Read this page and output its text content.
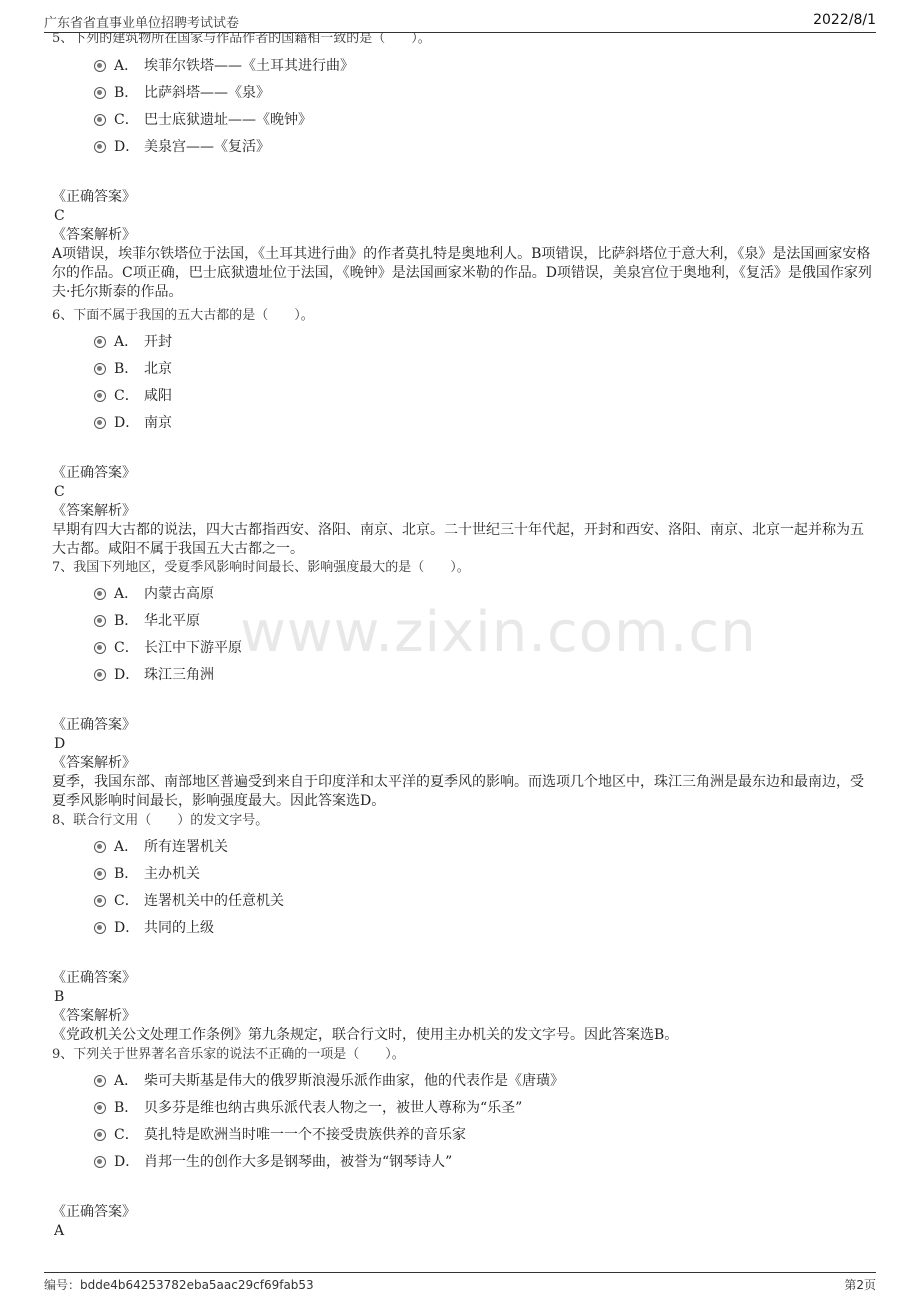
广东省省直事业单位招聘考试试卷	2022/8/1
www.zixin.com.cn
5、下列的建筑物所在国家与作品作者的国籍相一致的是（　　）。
A． 埃菲尔铁塔——《土耳其进行曲》
B． 比萨斜塔——《泉》
C． 巴士底狱遗址——《晚钟》
D． 美泉宫——《复活》
《正确答案》
C
《答案解析》
A项错误，埃菲尔铁塔位于法国，《土耳其进行曲》的作者莫扎特是奥地利人。B项错误，比萨斜塔位于意大利，《泉》是法国画家安格尔的作品。C项正确，巴士底狱遗址位于法国，《晚钟》是法国画家米勒的作品。D项错误，美泉宫位于奥地利，《复活》是俄国作家列夫·托尔斯泰的作品。
6、下面不属于我国的五大古都的是（　　）。
A． 开封
B． 北京
C． 咸阳
D． 南京
《正确答案》
C
《答案解析》
早期有四大古都的说法，四大古都指西安、洛阳、南京、北京。二十世纪三十年代起，开封和西安、洛阳、南京、北京一起并称为五大古都。咸阳不属于我国五大古都之一。
7、我国下列地区，受夏季风影响时间最长、影响强度最大的是（　　）。
A． 内蒙古高原
B． 华北平原
C． 长江中下游平原
D． 珠江三角洲
《正确答案》
D
《答案解析》
夏季，我国东部、南部地区普遍受到来自于印度洋和太平洋的夏季风的影响。而选项几个地区中，珠江三角洲是最东边和最南边，受夏季风影响时间最长，影响强度最大。因此答案选D。
8、联合行文用（　　）的发文字号。
A． 所有连署机关
B． 主办机关
C． 连署机关中的任意机关
D． 共同的上级
《正确答案》
B
《答案解析》
《党政机关公文处理工作条例》第九条规定，联合行文时，使用主办机关的发文字号。因此答案选B。
9、下列关于世界著名音乐家的说法不正确的一项是（　　）。
A． 柴可夫斯基是伟大的俄罗斯浪漫乐派作曲家，他的代表作是《唐璜》
B． 贝多芬是维也纳古典乐派代表人物之一，被世人尊称为“乐圣”
C． 莫扎特是欧洲当时唯一一个不接受贵族供养的音乐家
D． 肖邦一生的创作大多是钢琴曲，被誉为“钢琴诗人”
《正确答案》
A
编号：bdde4b64253782eba5aac29cf69fab53	第2页
